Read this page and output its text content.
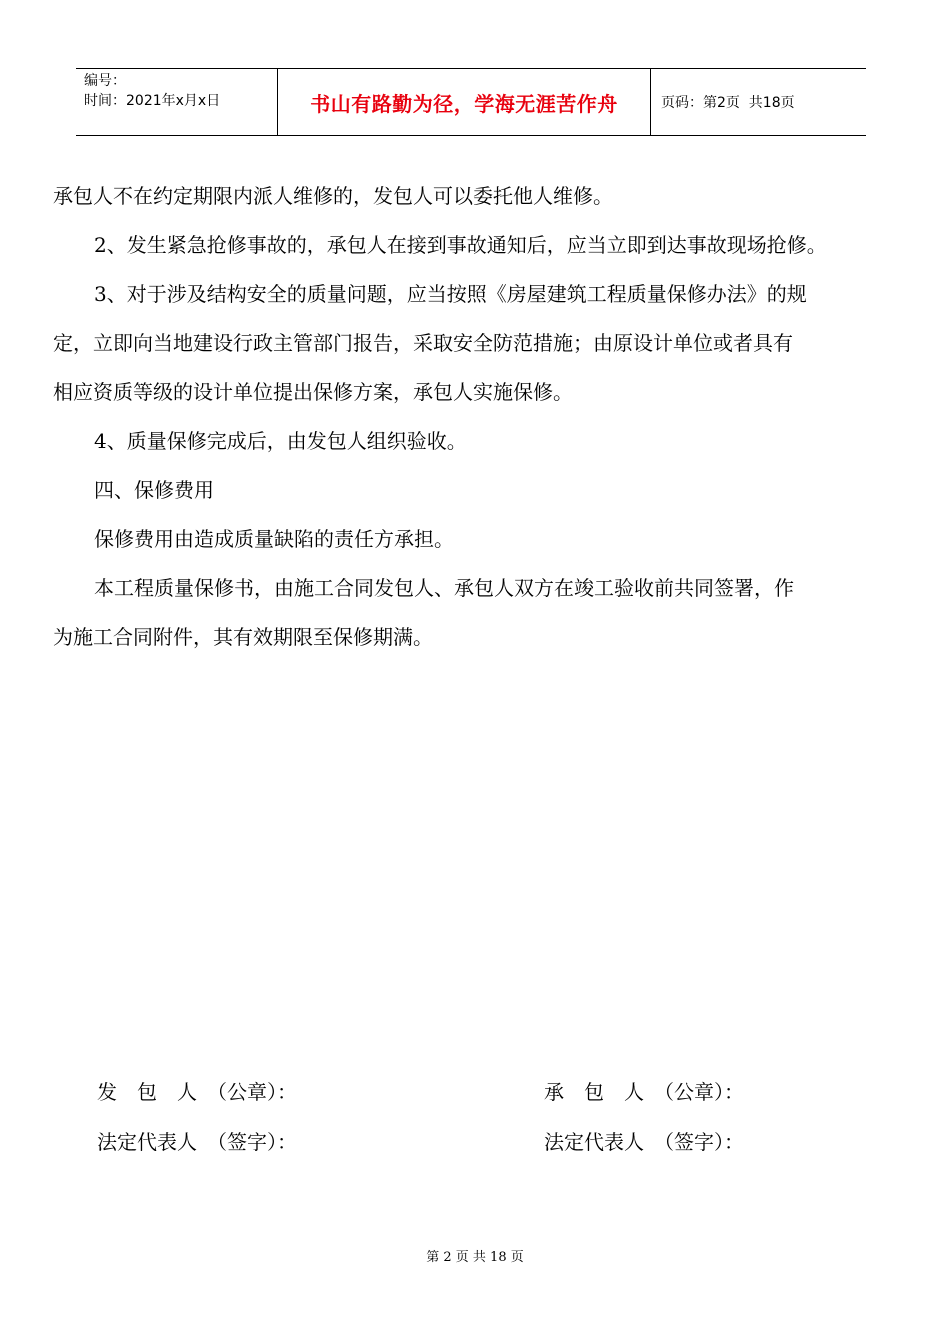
编号：
时间：2021年x月x日	书山有路勤为径，学海无涯苦作舟	页码：第2页  共18页

承包人不在约定期限内派人维修的，发包人可以委托他人维修。

2、发生紧急抢修事故的，承包人在接到事故通知后，应当立即到达事故现场抢修。

3、对于涉及结构安全的质量问题，应当按照《房屋建筑工程质量保修办法》的规

定，立即向当地建设行政主管部门报告，采取安全防范措施；由原设计单位或者具有

相应资质等级的设计单位提出保修方案，承包人实施保修。

4、质量保修完成后，由发包人组织验收。

四、保修费用

保修费用由造成质量缺陷的责任方承担。

本工程质量保修书，由施工合同发包人、承包人双方在竣工验收前共同签署，作

为施工合同附件，其有效期限至保修期满。

发　包　人　（公章）：
法定代表人　（签字）：
承　包　人　（公章）：
法定代表人　（签字）：
第 2 页 共 18 页
